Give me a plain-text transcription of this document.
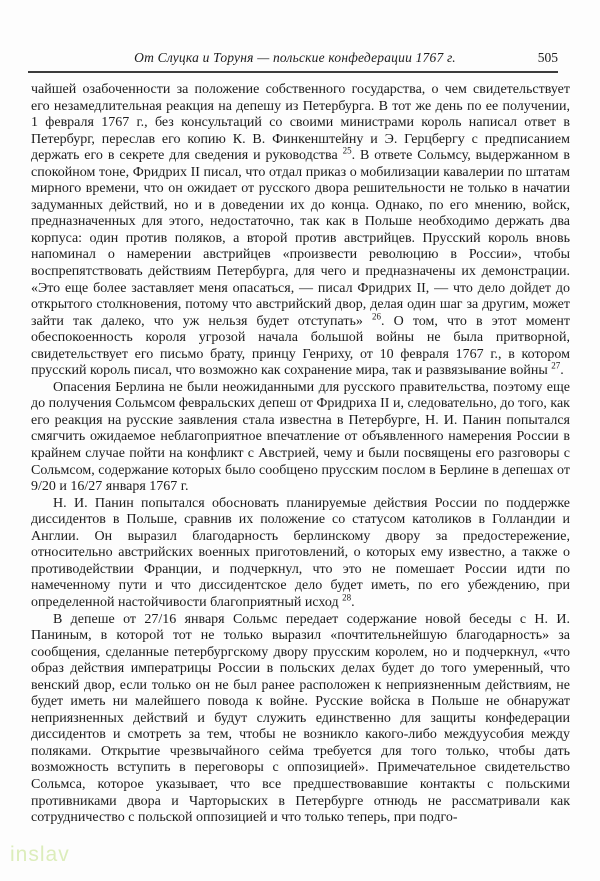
От Слуцка и Торуня — польские конфедерации 1767 г.	505

чайшей озабоченности за положение собственного государства, о чем свидетельствует его незамедлительная реакция на депешу из Петербурга. В тот же день по ее получении, 1 февраля 1767 г., без консультаций со своими министрами король написал ответ в Петербург, переслав его копию К. В. Финкенштейну и Э. Герцбергу с предписанием держать его в секрете для сведения и руководства $^{25}$. В ответе Сольмсу, выдержанном в спокойном тоне, Фридрих II писал, что отдал приказ о мобилизации кавалерии по штатам мирного времени, что он ожидает от русского двора решительности не только в начатии задуманных действий, но и в доведении их до конца. Однако, по его мнению, войск, предназначенных для этого, недостаточно, так как в Польше необходимо держать два корпуса: один против поляков, а второй против австрийцев. Прусский король вновь напоминал о намерении австрийцев «произвести революцию в России», чтобы воспрепятствовать действиям Петербурга, для чего и предназначены их демонстрации. «Это еще более заставляет меня опасаться, — писал Фридрих II, — что дело дойдет до открытого столкновения, потому что австрийский двор, делая один шаг за другим, может зайти так далеко, что уж нельзя будет отступать» $^{26}$. О том, что в этот момент обеспокоенность короля угрозой начала большой войны не была притворной, свидетельствует его письмо брату, принцу Генриху, от 10 февраля 1767 г., в котором прусский король писал, что возможно как сохранение мира, так и развязывание войны $^{27}$.

Опасения Берлина не были неожиданными для русского правительства, поэтому еще до получения Сольмсом февральских депеш от Фридриха II и, следовательно, до того, как его реакция на русские заявления стала известна в Петербурге, Н. И. Панин попытался смягчить ожидаемое неблагоприятное впечатление от объявленного намерения России в крайнем случае пойти на конфликт с Австрией, чему и были посвящены его разговоры с Сольмсом, содержание которых было сообщено прусским послом в Берлине в депешах от 9/20 и 16/27 января 1767 г.

Н. И. Панин попытался обосновать планируемые действия России по поддержке диссидентов в Польше, сравнив их положение со статусом католиков в Голландии и Англии. Он выразил благодарность берлинскому двору за предостережение, относительно австрийских военных приготовлений, о которых ему известно, а также о противодействии Франции, и подчеркнул, что это не помешает России идти по намеченному пути и что диссидентское дело будет иметь, по его убеждению, при определенной настойчивости благоприятный исход $^{28}$.

В депеше от 27/16 января Сольмс передает содержание новой беседы с Н. И. Паниным, в которой тот не только выразил «почтительнейшую благодарность» за сообщения, сделанные петербургскому двору прусским королем, но и подчеркнул, «что образ действия императрицы России в польских делах будет до того умеренный, что венский двор, если только он не был ранее расположен к неприязненным действиям, не будет иметь ни малейшего повода к войне. Русские войска в Польше не обнаружат неприязненных действий и будут служить единственно для защиты конфедерации диссидентов и смотреть за тем, чтобы не возникло какого-либо междуусобия между поляками. Открытие чрезвычайного сейма требуется для того только, чтобы дать возможность вступить в переговоры с оппозицией». Примечательное свидетельство Сольмса, которое указывает, что все предшествовавшие контакты с польскими противниками двора и Чарторыских в Петербурге отнюдь не рассматривали как сотрудничество с польской оппозицией и что только теперь, при подго-

inslav
